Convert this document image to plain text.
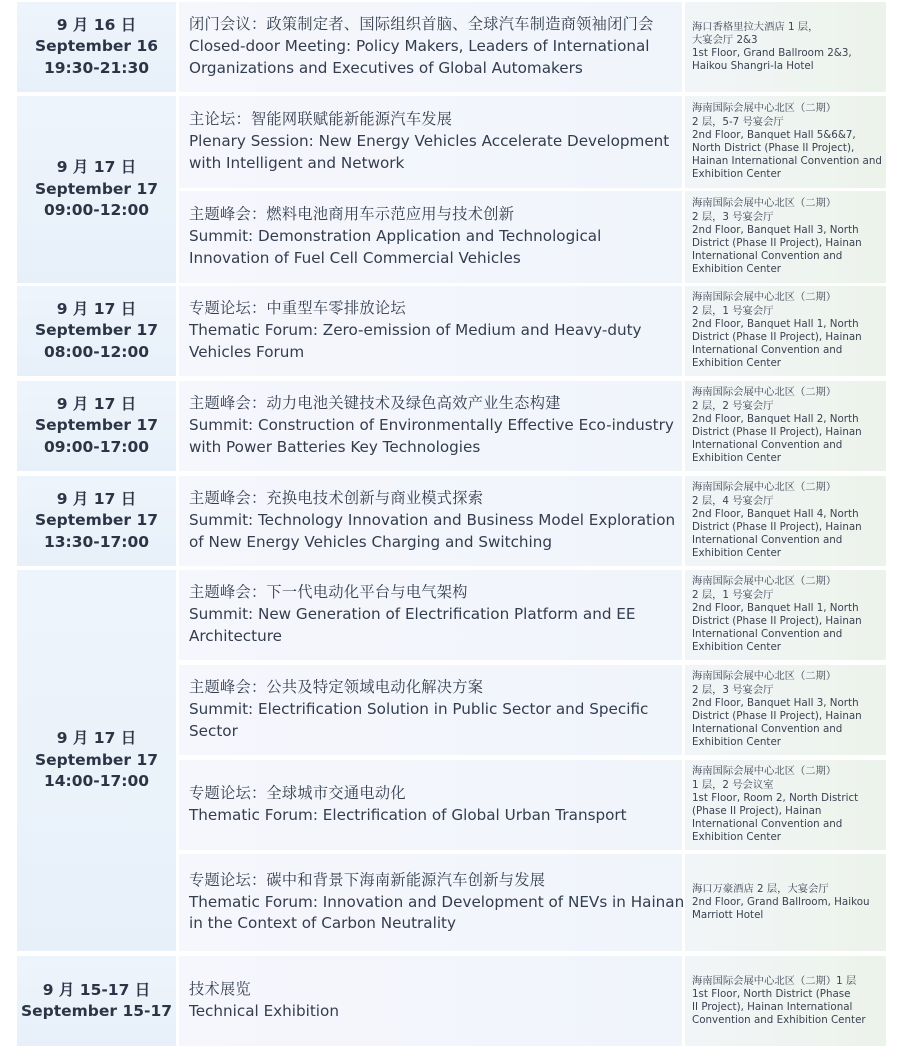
9 月 16 日
September 16
19:30-21:30
闭门会议：政策制定者、国际组织首脑、全球汽车制造商领袖闭门会
Closed-door Meeting: Policy Makers, Leaders of International
Organizations and Executives of Global Automakers
海口香格里拉大酒店 1 层，
大宴会厅 2&3
1st Floor, Grand Ballroom 2&3,
Haikou Shangri-la Hotel
9 月 17 日
September 17
09:00-12:00
主论坛：智能网联赋能新能源汽车发展
Plenary Session: New Energy Vehicles Accelerate Development
with Intelligent and Network
海南国际会展中心北区（二期）
2 层，5-7 号宴会厅
2nd Floor, Banquet Hall 5&6&7,
North District (Phase II Project),
Hainan International Convention and
Exhibition Center
主题峰会：燃料电池商用车示范应用与技术创新
Summit: Demonstration Application and Technological
Innovation of Fuel Cell Commercial Vehicles
海南国际会展中心北区（二期）
2 层，3 号宴会厅
2nd Floor, Banquet Hall 3, North
District (Phase II Project), Hainan
International Convention and
Exhibition Center
9 月 17 日
September 17
08:00-12:00
专题论坛：中重型车零排放论坛
Thematic Forum: Zero-emission of Medium and Heavy-duty
Vehicles Forum
海南国际会展中心北区（二期）
2 层，1 号宴会厅
2nd Floor, Banquet Hall 1, North
District (Phase II Project), Hainan
International Convention and
Exhibition Center
9 月 17 日
September 17
09:00-17:00
主题峰会：动力电池关键技术及绿色高效产业生态构建
Summit: Construction of Environmentally Effective Eco-industry
with Power Batteries Key Technologies
海南国际会展中心北区（二期）
2 层，2 号宴会厅
2nd Floor, Banquet Hall 2, North
District (Phase II Project), Hainan
International Convention and
Exhibition Center
9 月 17 日
September 17
13:30-17:00
主题峰会：充换电技术创新与商业模式探索
Summit: Technology Innovation and Business Model Exploration
of New Energy Vehicles Charging and Switching
海南国际会展中心北区（二期）
2 层，4 号宴会厅
2nd Floor, Banquet Hall 4, North
District (Phase II Project), Hainan
International Convention and
Exhibition Center
9 月 17 日
September 17
14:00-17:00
主题峰会：下一代电动化平台与电气架构
Summit: New Generation of Electrification Platform and EE
Architecture
海南国际会展中心北区（二期）
2 层，1 号宴会厅
2nd Floor, Banquet Hall 1, North
District (Phase II Project), Hainan
International Convention and
Exhibition Center
主题峰会：公共及特定领域电动化解决方案
Summit: Electrification Solution in Public Sector and Specific
Sector
海南国际会展中心北区（二期）
2 层，3 号宴会厅
2nd Floor, Banquet Hall 3, North
District (Phase II Project), Hainan
International Convention and
Exhibition Center
专题论坛：全球城市交通电动化
Thematic Forum: Electrification of Global Urban Transport
海南国际会展中心北区（二期）
1 层，2 号会议室
1st Floor, Room 2, North District
(Phase II Project), Hainan
International Convention and
Exhibition Center
专题论坛：碳中和背景下海南新能源汽车创新与发展
Thematic Forum: Innovation and Development of NEVs in Hainan
in the Context of Carbon Neutrality
海口万豪酒店 2 层，大宴会厅
2nd Floor, Grand Ballroom, Haikou
Marriott Hotel
9 月 15-17 日
September 15-17
技术展览
Technical Exhibition
海南国际会展中心北区（二期）1 层
1st Floor, North District (Phase
II Project), Hainan International
Convention and Exhibition Center
